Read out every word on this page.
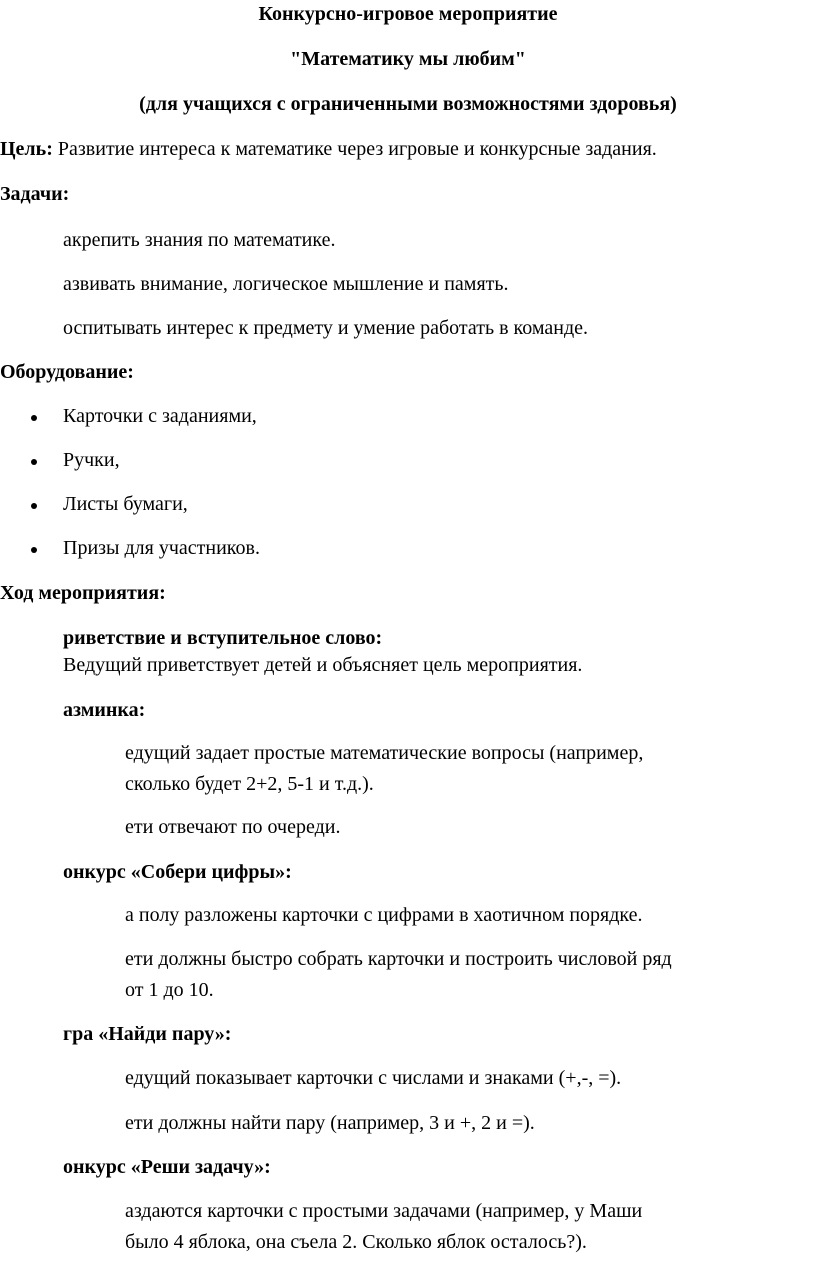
Конкурсно-игровое мероприятие
"Математику мы любим"
(для учащихся с ограниченными возможностями здоровья)
Цель: Развитие интереса к математике через игровые и конкурсные задания.
Задачи:
акрепить знания по математике.
азвивать внимание, логическое мышление и память.
оспитывать интерес к предмету и умение работать в команде.
Оборудование:
Карточки с заданиями,
Ручки,
Листы бумаги,
Призы для участников.
Ход мероприятия:
риветствие и вступительное слово:
Ведущий приветствует детей и объясняет цель мероприятия.
азминка:
едущий задает простые математические вопросы (например,
сколько будет 2+2, 5-1 и т.д.).
ети отвечают по очереди.
онкурс «Собери цифры»:
а полу разложены карточки с цифрами в хаотичном порядке.
ети должны быстро собрать карточки и построить числовой ряд
от 1 до 10.
гра «Найди пару»:
едущий показывает карточки с числами и знаками (+,-, =).
ети должны найти пару (например, 3 и +, 2 и =).
онкурс «Реши задачу»:
аздаются карточки с простыми задачами (например, у Маши
было 4 яблока, она съела 2. Сколько яблок осталось?).
